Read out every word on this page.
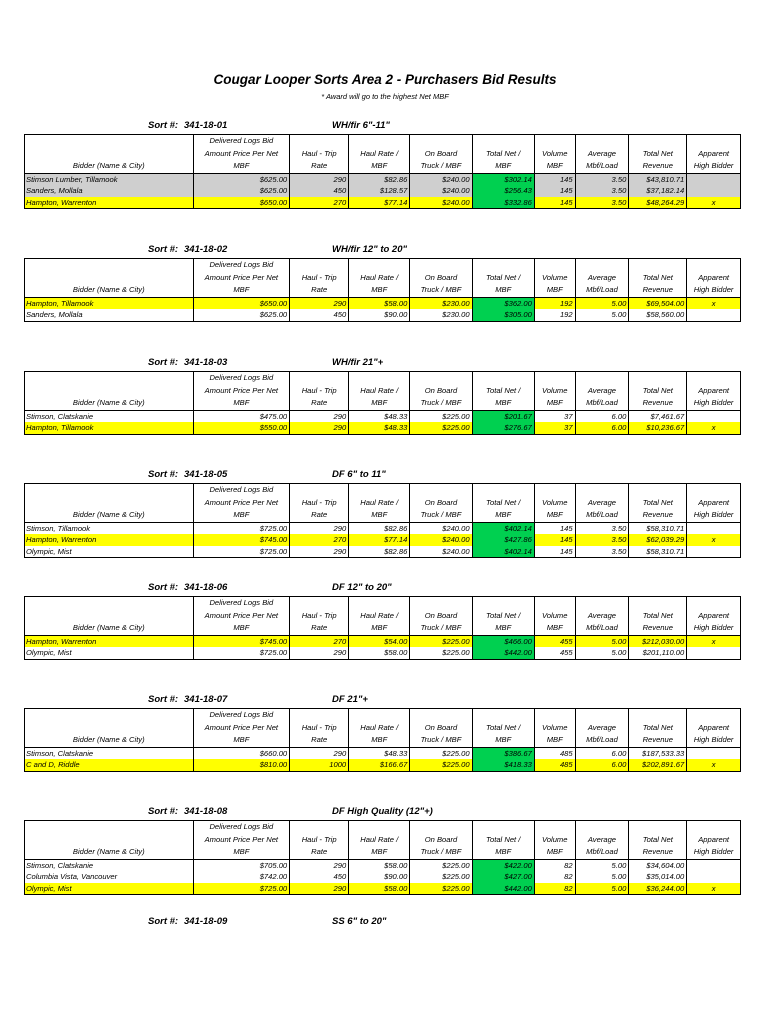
Cougar Looper Sorts Area 2 - Purchasers Bid Results
* Award will go to the highest Net MBF
Sort #: 341-18-01	WH/fir 6"-11"
	Delivered Logs Bid								
	Amount Price Per Net	Haul - Trip	Haul Rate /	On Board	Total Net /	Volume	Average	Total Net	Apparent
Bidder (Name & City)	MBF	Rate	MBF	Truck / MBF	MBF	MBF	Mbf/Load	Revenue	High Bidder
Stimson Lumber, Tillamook	$625.00	290	$82.86	$240.00	$302.14	145	3.50	$43,810.71	
Sanders, Mollala	$625.00	450	$128.57	$240.00	$256.43	145	3.50	$37,182.14	
Hampton, Warrenton	$650.00	270	$77.14	$240.00	$332.86	145	3.50	$48,264.29	x
Sort #: 341-18-02	WH/fir 12" to 20"
	Delivered Logs Bid								
	Amount Price Per Net	Haul - Trip	Haul Rate /	On Board	Total Net /	Volume	Average	Total Net	Apparent
Bidder (Name & City)	MBF	Rate	MBF	Truck / MBF	MBF	MBF	Mbf/Load	Revenue	High Bidder
Hampton, Tillamook	$650.00	290	$58.00	$230.00	$362.00	192	5.00	$69,504.00	x
Sanders, Mollala	$625.00	450	$90.00	$230.00	$305.00	192	5.00	$58,560.00	
Sort #: 341-18-03	WH/fir 21"+
	Delivered Logs Bid								
	Amount Price Per Net	Haul - Trip	Haul Rate /	On Board	Total Net /	Volume	Average	Total Net	Apparent
Bidder (Name & City)	MBF	Rate	MBF	Truck / MBF	MBF	MBF	Mbf/Load	Revenue	High Bidder
Stimson, Clatskanie	$475.00	290	$48.33	$225.00	$201.67	37	6.00	$7,461.67	
Hampton, Tillamook	$550.00	290	$48.33	$225.00	$276.67	37	6.00	$10,236.67	x
Sort #: 341-18-05	DF 6" to 11"
	Delivered Logs Bid								
	Amount Price Per Net	Haul - Trip	Haul Rate /	On Board	Total Net /	Volume	Average	Total Net	Apparent
Bidder (Name & City)	MBF	Rate	MBF	Truck / MBF	MBF	MBF	Mbf/Load	Revenue	High Bidder
Stimson, Tillamook	$725.00	290	$82.86	$240.00	$402.14	145	3.50	$58,310.71	
Hampton, Warrenton	$745.00	270	$77.14	$240.00	$427.86	145	3.50	$62,039.29	x
Olympic, Mist	$725.00	290	$82.86	$240.00	$402.14	145	3.50	$58,310.71	
Sort #: 341-18-06	DF 12" to 20"
	Delivered Logs Bid								
	Amount Price Per Net	Haul - Trip	Haul Rate /	On Board	Total Net /	Volume	Average	Total Net	Apparent
Bidder (Name & City)	MBF	Rate	MBF	Truck / MBF	MBF	MBF	Mbf/Load	Revenue	High Bidder
Hampton, Warrenton	$745.00	270	$54.00	$225.00	$466.00	455	5.00	$212,030.00	x
Olympic, Mist	$725.00	290	$58.00	$225.00	$442.00	455	5.00	$201,110.00	
Sort #: 341-18-07	DF 21"+
	Delivered Logs Bid								
	Amount Price Per Net	Haul - Trip	Haul Rate /	On Board	Total Net /	Volume	Average	Total Net	Apparent
Bidder (Name & City)	MBF	Rate	MBF	Truck / MBF	MBF	MBF	Mbf/Load	Revenue	High Bidder
Stimson, Clatskanie	$660.00	290	$48.33	$225.00	$386.67	485	6.00	$187,533.33	
C and D, Riddle	$810.00	1000	$166.67	$225.00	$418.33	485	6.00	$202,891.67	x
Sort #: 341-18-08	DF High Quality (12"+)
	Delivered Logs Bid								
	Amount Price Per Net	Haul - Trip	Haul Rate /	On Board	Total Net /	Volume	Average	Total Net	Apparent
Bidder (Name & City)	MBF	Rate	MBF	Truck / MBF	MBF	MBF	Mbf/Load	Revenue	High Bidder
Stimson, Clatskanie	$705.00	290	$58.00	$225.00	$422.00	82	5.00	$34,604.00	
Columbia Vista, Vancouver	$742.00	450	$90.00	$225.00	$427.00	82	5.00	$35,014.00	
Olympic, Mist	$725.00	290	$58.00	$225.00	$442.00	82	5.00	$36,244.00	x
Sort #: 341-18-09	SS 6" to 20"
